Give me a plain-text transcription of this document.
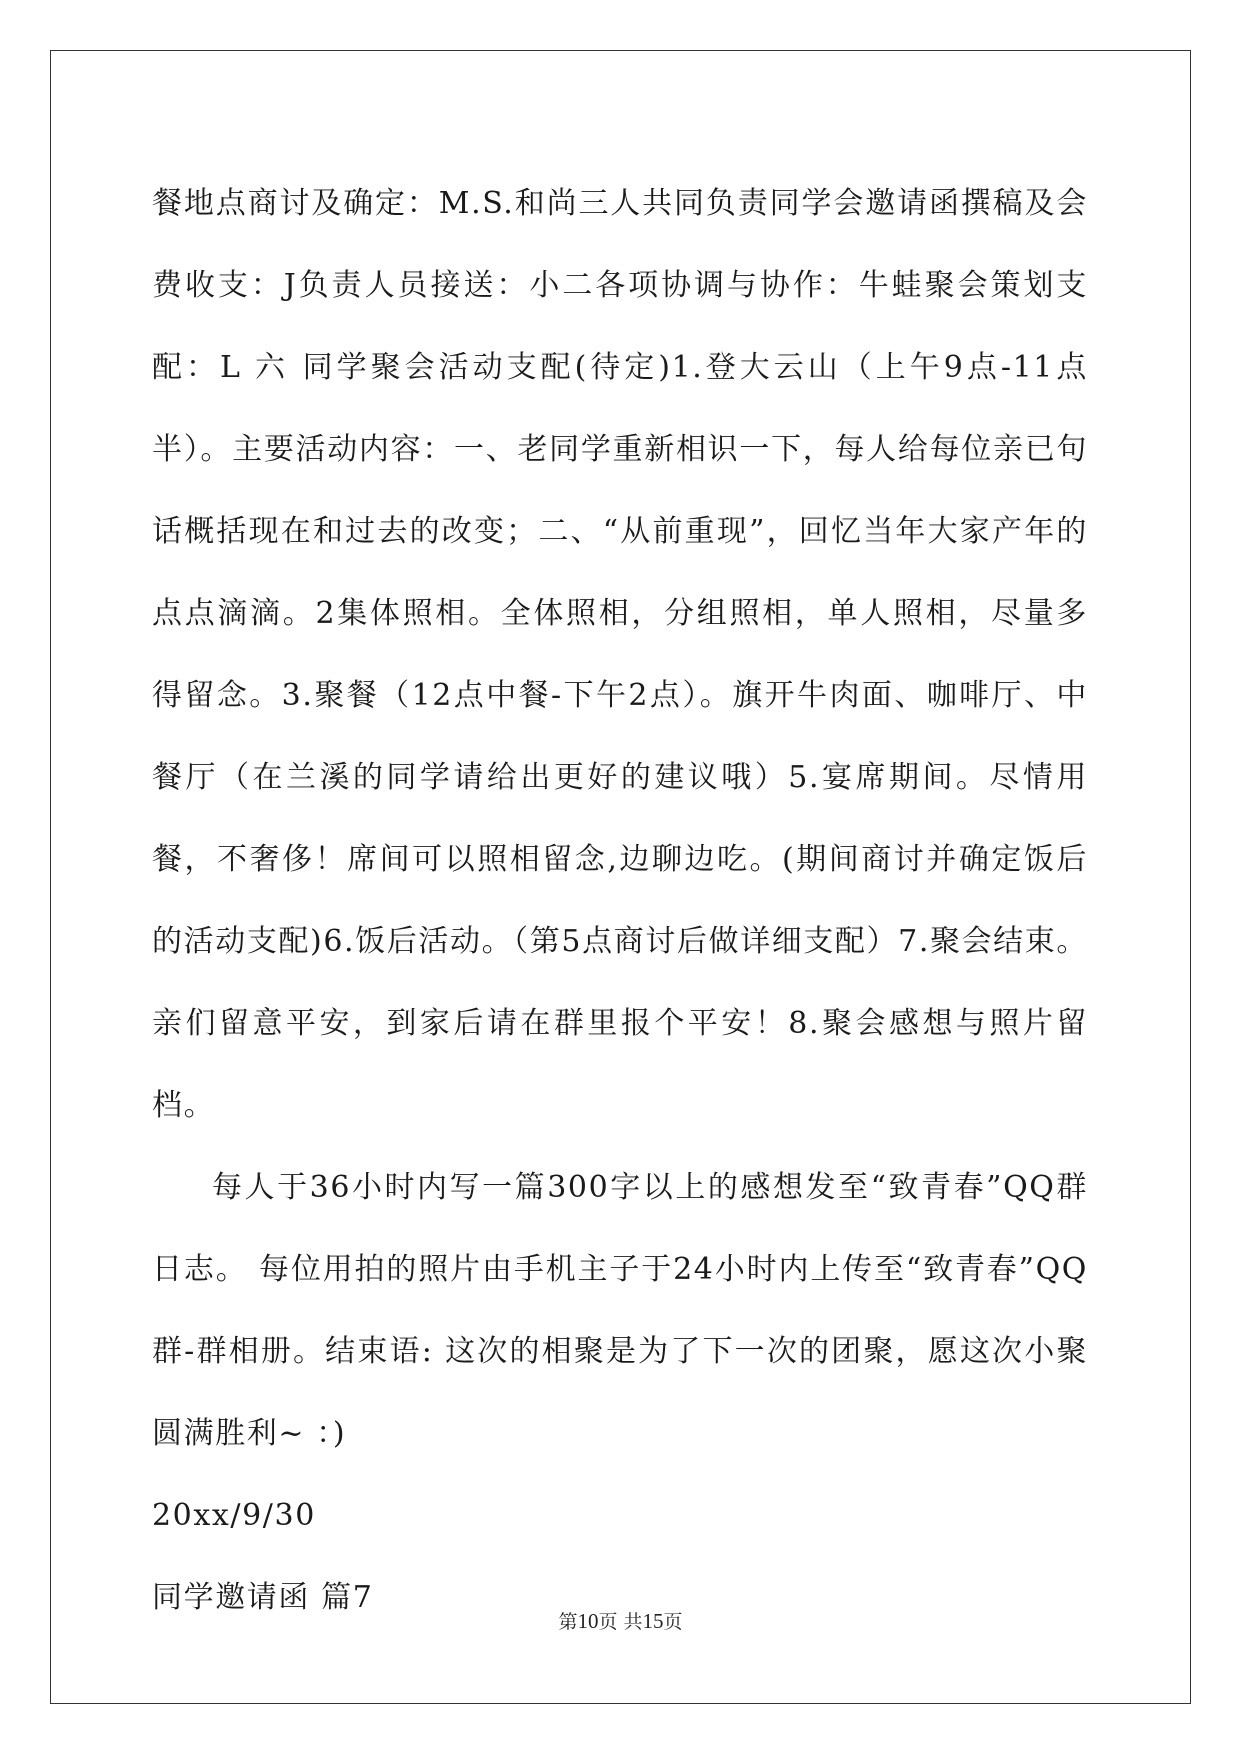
餐地点商讨及确定：M.S.和尚三人共同负责同学会邀请函撰稿及会费收支：J负责人员接送：小二各项协调与协作：牛蛙聚会策划支配：L 六 同学聚会活动支配(待定)1.登大云山（上午9点-11点半）。主要活动内容：一、老同学重新相识一下，每人给每位亲已句话概括现在和过去的改变；二、“从前重现”，回忆当年大家产年的点点滴滴。2集体照相。全体照相，分组照相，单人照相，尽量多得留念。3.聚餐（12点中餐-下午2点）。旗开牛肉面、咖啡厅、中餐厅（在兰溪的同学请给出更好的建议哦）5.宴席期间。尽情用餐，不奢侈！席间可以照相留念,边聊边吃。(期间商讨并确定饭后的活动支配)6.饭后活动。（第5点商讨后做详细支配）7.聚会结束。亲们留意平安，到家后请在群里报个平安！8.聚会感想与照片留档。

每人于36小时内写一篇300字以上的感想发至“致青春”QQ群日志。 每位用拍的照片由手机主子于24小时内上传至“致青春”QQ群-群相册。结束语: 这次的相聚是为了下一次的团聚，愿这次小聚圆满胜利~ ：)

20xx/9/30

同学邀请函 篇7

第10页 共15页
